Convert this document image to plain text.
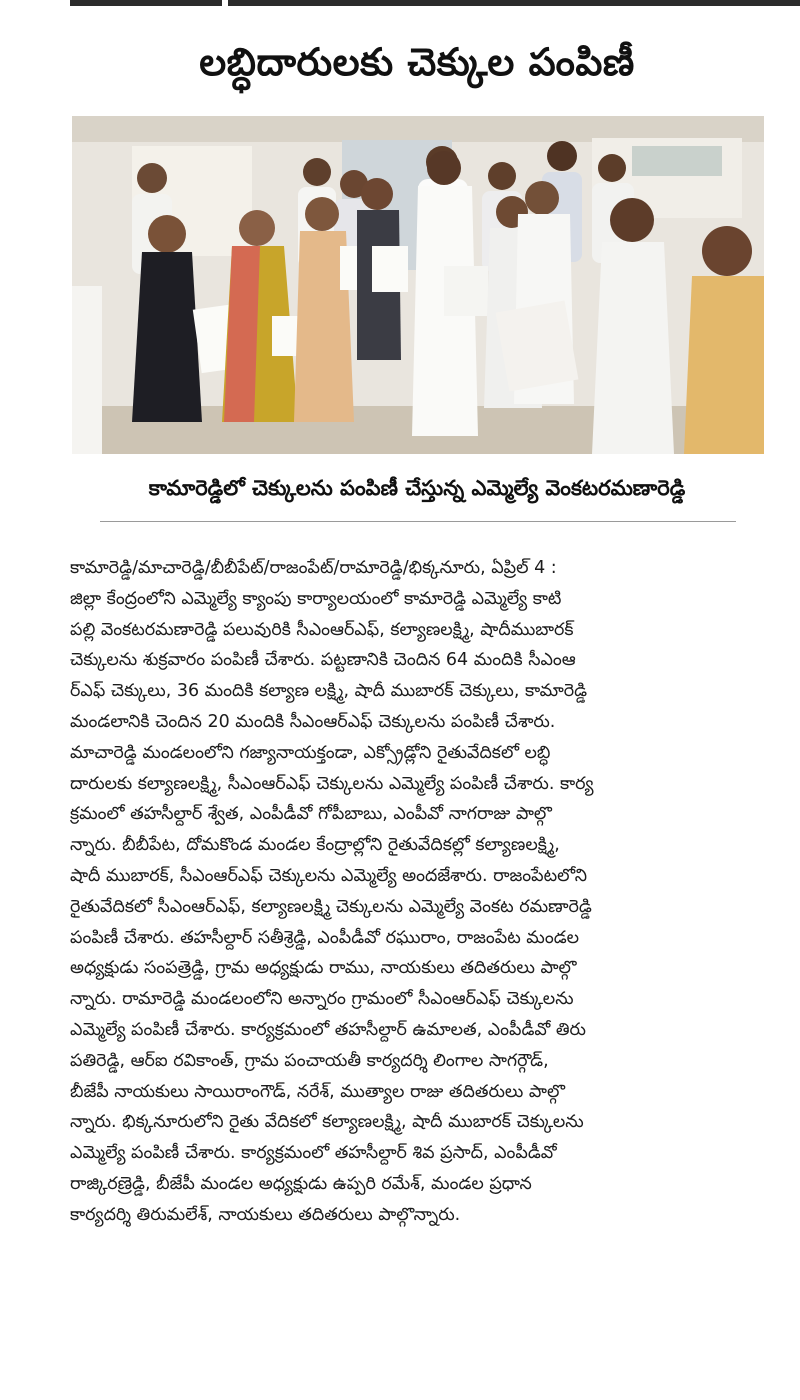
లబ్ధిదారులకు చెక్కుల పంపిణీ
కామారెడ్డిలో చెక్కులను పంపిణీ చేస్తున్న ఎమ్మెల్యే వెంకటరమణారెడ్డి
కామారెడ్డి/మాచారెడ్డి/బీబీపేట్/రాజంపేట్/రామారెడ్డి/భిక్కనూరు, ఏప్రిల్ 4 :
జిల్లా కేంద్రంలోని ఎమ్మెల్యే క్యాంపు కార్యాలయంలో కామారెడ్డి ఎమ్మెల్యే కాటి
పల్లి వెంకటరమణారెడ్డి పలువురికి సీఎంఆర్ఎఫ్, కల్యాణలక్ష్మి, షాదీముబారక్
చెక్కులను శుక్రవారం పంపిణీ చేశారు. పట్టణానికి చెందిన 64 మందికి సీఎంఆ
ర్ఎఫ్ చెక్కులు, 36 మందికి కల్యాణ లక్ష్మి, షాదీ ముబారక్ చెక్కులు, కామారెడ్డి
మండలానికి చెందిన 20 మందికి సీఎంఆర్ఎఫ్ చెక్కులను పంపిణీ చేశారు.
మాచారెడ్డి మండలంలోని గజ్యానాయక్తండా, ఎక్స్రోడ్లోని రైతువేదికలో లబ్ధి
దారులకు కల్యాణలక్ష్మి, సీఎంఆర్ఎఫ్ చెక్కులను ఎమ్మెల్యే పంపిణీ చేశారు. కార్య
క్రమంలో తహసీల్దార్ శ్వేత, ఎంపీడీవో గోపీబాబు, ఎంపీవో నాగరాజు పాల్గొ
న్నారు. బీబీపేట, దోమకొండ మండల కేంద్రాల్లోని రైతువేదికల్లో కల్యాణలక్ష్మి,
షాదీ ముబారక్, సీఎంఆర్ఎఫ్ చెక్కులను ఎమ్మెల్యే అందజేశారు. రాజంపేటలోని
రైతువేదికలో సీఎంఆర్ఎఫ్, కల్యాణలక్ష్మి చెక్కులను ఎమ్మెల్యే వెంకట రమణారెడ్డి
పంపిణీ చేశారు. తహసీల్దార్ సతీశ్రెడ్డి, ఎంపీడీవో రఘురాం, రాజంపేట మండల
అధ్యక్షుడు సంపత్రెడ్డి, గ్రామ అధ్యక్షుడు రాము, నాయకులు తదితరులు పాల్గొ
న్నారు. రామారెడ్డి మండలంలోని అన్నారం గ్రామంలో సీఎంఆర్ఎఫ్ చెక్కులను
ఎమ్మెల్యే పంపిణీ చేశారు. కార్యక్రమంలో తహసీల్దార్ ఉమాలత, ఎంపీడీవో తిరు
పతిరెడ్డి, ఆర్ఐ రవికాంత్, గ్రామ పంచాయతీ కార్యదర్శి లింగాల సాగర్గౌడ్,
బీజేపీ నాయకులు సాయిరాంగౌడ్, నరేశ్, ముత్యాల రాజు తదితరులు పాల్గొ
న్నారు. భిక్కనూరులోని రైతు వేదికలో కల్యాణలక్ష్మి, షాదీ ముబారక్ చెక్కులను
ఎమ్మెల్యే పంపిణీ చేశారు. కార్యక్రమంలో తహసీల్దార్ శివ ప్రసాద్, ఎంపీడీవో
రాజ్కిరణ్రెడ్డి, బీజేపీ మండల అధ్యక్షుడు ఉప్పరి రమేశ్, మండల ప్రధాన
కార్యదర్శి తిరుమలేశ్, నాయకులు తదితరులు పాల్గొన్నారు.
